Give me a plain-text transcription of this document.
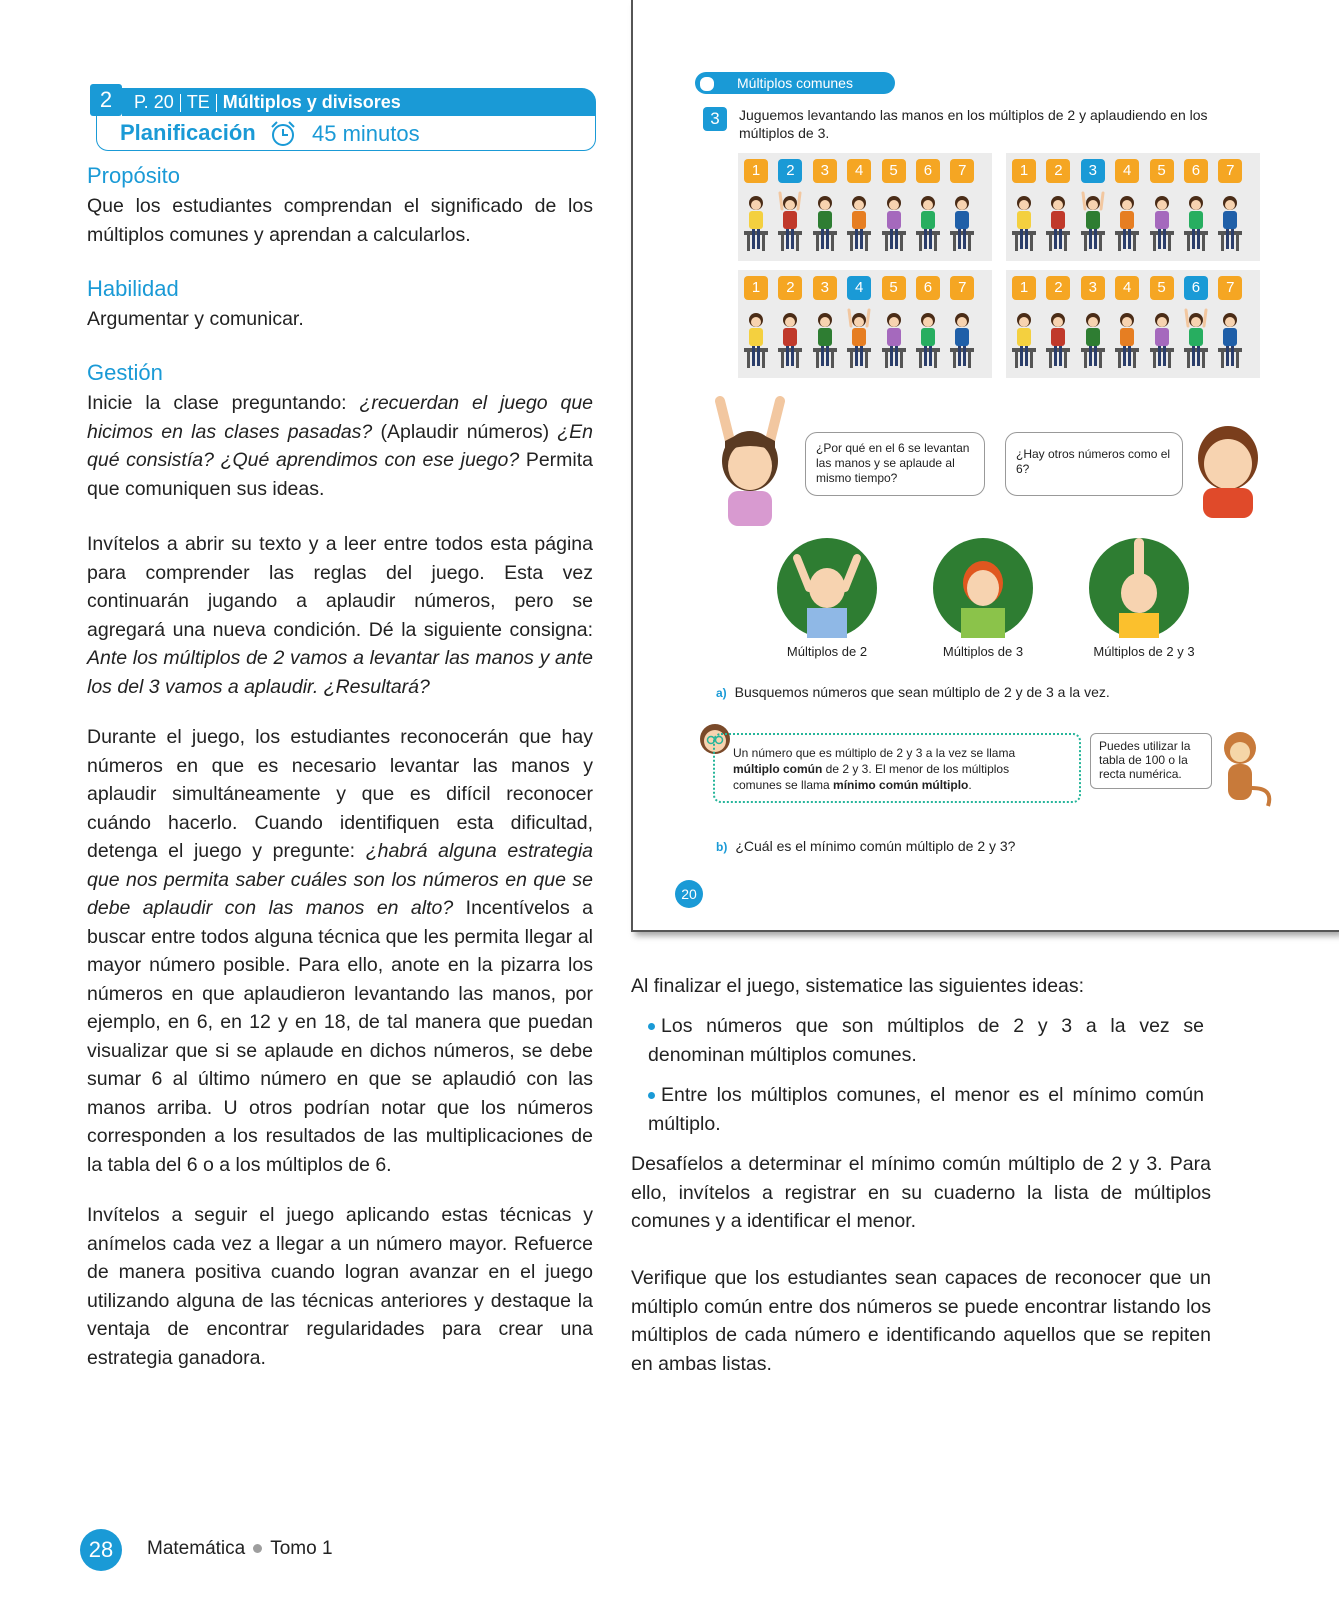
2	P. 20 TE Múltiplos y divisores
Planificación	45 minutos
Propósito
Que los estudiantes comprendan el significado de los múltiplos comunes y aprendan a calcularlos.
Habilidad
Argumentar y comunicar.
Gestión
Inicie la clase preguntando: ¿recuerdan el juego que hicimos en las clases pasadas? (Aplaudir números) ¿En qué consistía? ¿Qué aprendimos con ese juego? Permita que comuniquen sus ideas.
Invítelos a abrir su texto y a leer entre todos esta página para comprender las reglas del juego. Esta vez continuarán jugando a aplaudir números, pero se agregará una nueva condición. Dé la siguiente consigna: Ante los múltiplos de 2 vamos a levantar las manos y ante los del 3 vamos a aplaudir. ¿Resultará?
Durante el juego, los estudiantes reconocerán que hay números en que es necesario levantar las manos y aplaudir simultáneamente y que es difícil reconocer cuándo hacerlo. Cuando identifiquen esta dificultad, detenga el juego y pregunte: ¿habrá alguna estrategia que nos permita saber cuáles son los números en que se debe aplaudir con las manos en alto? Incentívelos a buscar entre todos alguna técnica que les permita llegar al mayor número posible. Para ello, anote en la pizarra los números en que aplaudieron levantando las manos, por ejemplo, en 6, en 12 y en 18, de tal manera que puedan visualizar que si se aplaude en dichos números, se debe sumar 6 al último número en que se aplaudió con las manos arriba. U otros podrían notar que los números corresponden a los resultados de las multiplicaciones de la tabla del 6 o a los múltiplos de 6.
Invítelos a seguir el juego aplicando estas técnicas y anímelos cada vez a llegar a un número mayor. Refuerce de manera positiva cuando logran avanzar en el juego utilizando alguna de las técnicas anteriores y destaque la ventaja de encontrar regularidades para crear una estrategia ganadora.
Múltiplos comunes
3	Juguemos levantando las manos en los múltiplos de 2 y aplaudiendo en los múltiplos de 3.
1 2 3 4 5 6 7	1 2 3 4 5 6 7
1 2 3 4 5 6 7	1 2 3 4 5 6 7
¿Por qué en el 6 se levantan las manos y se aplaude al mismo tiempo?
¿Hay otros números como el 6?
Múltiplos de 2	Múltiplos de 3	Múltiplos de 2 y 3
a) Busquemos números que sean múltiplo de 2 y de 3 a la vez.
Un número que es múltiplo de 2 y 3 a la vez se llama múltiplo común de 2 y 3. El menor de los múltiplos comunes se llama mínimo común múltiplo.
Puedes utilizar la tabla de 100 o la recta numérica.
b) ¿Cuál es el mínimo común múltiplo de 2 y 3?
20
Al finalizar el juego, sistematice las siguientes ideas:
Los números que son múltiplos de 2 y 3 a la vez se denominan múltiplos comunes.
Entre los múltiplos comunes, el menor es el mínimo común múltiplo.
Desafíelos a determinar el mínimo común múltiplo de 2 y 3. Para ello, invítelos a registrar en su cuaderno la lista de múltiplos comunes y a identificar el menor.
Verifique que los estudiantes sean capaces de reconocer que un múltiplo común entre dos números se puede encontrar listando los múltiplos de cada número e identificando aquellos que se repiten en ambas listas.
28	Matemática Tomo 1
